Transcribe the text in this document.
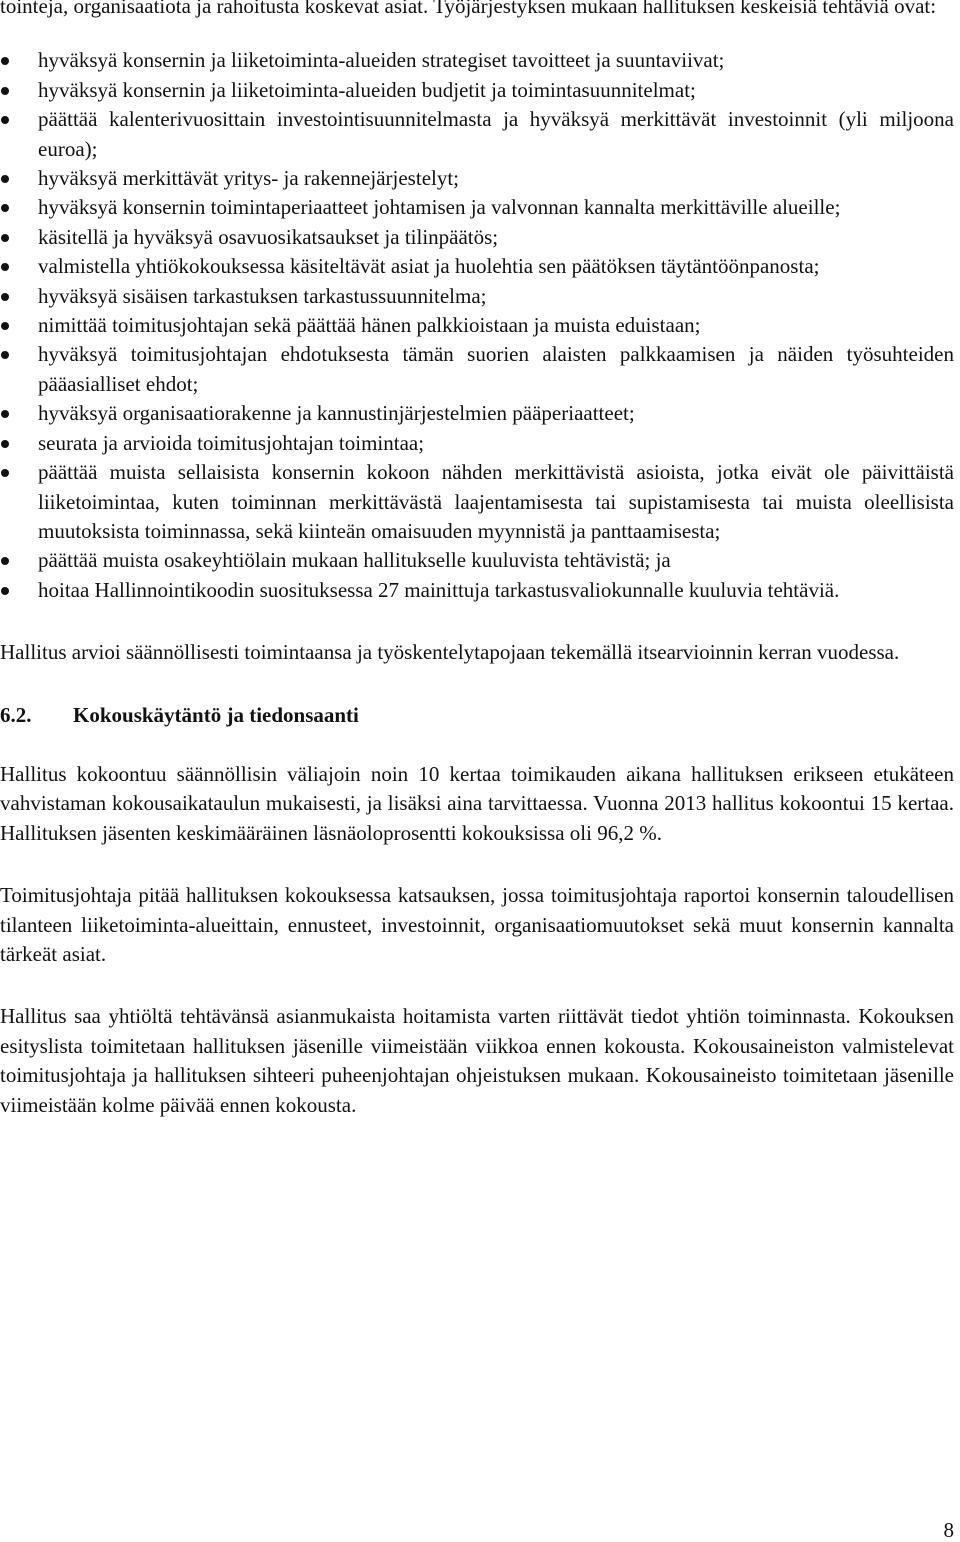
tointeja, organisaatiota ja rahoitusta koskevat asiat. Työjärjestyksen mukaan hallituksen keskeisiä tehtäviä ovat:

hyväksyä konsernin ja liiketoiminta-alueiden strategiset tavoitteet ja suuntaviivat;
hyväksyä konsernin ja liiketoiminta-alueiden budjetit ja toimintasuunnitelmat;
päättää kalenterivuosittain investointisuunnitelmasta ja hyväksyä merkittävät investoinnit (yli miljoona euroa);
hyväksyä merkittävät yritys- ja rakennejärjestelyt;
hyväksyä konsernin toimintaperiaatteet johtamisen ja valvonnan kannalta merkittäville alueille;
käsitellä ja hyväksyä osavuosikatsaukset ja tilinpäätös;
valmistella yhtiökokouksessa käsiteltävät asiat ja huolehtia sen päätöksen täytäntöönpanosta;
hyväksyä sisäisen tarkastuksen tarkastussuunnitelma;
nimittää toimitusjohtajan sekä päättää hänen palkkioistaan ja muista eduistaan;
hyväksyä toimitusjohtajan ehdotuksesta tämän suorien alaisten palkkaamisen ja näiden työsuhteiden pääasialliset ehdot;
hyväksyä organisaatiorakenne ja kannustinjärjestelmien pääperiaatteet;
seurata ja arvioida toimitusjohtajan toimintaa;
päättää muista sellaisista konsernin kokoon nähden merkittävistä asioista, jotka eivät ole päivittäistä liiketoimintaa, kuten toiminnan merkittävästä laajentamisesta tai supistamisesta tai muista oleellisista muutoksista toiminnassa, sekä kiinteän omaisuuden myynnistä ja panttaamisesta;
päättää muista osakeyhtiölain mukaan hallitukselle kuuluvista tehtävistä; ja
hoitaa Hallinnointikoodin suosituksessa 27 mainittuja tarkastusvaliokunnalle kuuluvia tehtäviä.

Hallitus arvioi säännöllisesti toimintaansa ja työskentelytapojaan tekemällä itsearvioinnin kerran vuodessa.

6.2. Kokouskäytäntö ja tiedonsaanti

Hallitus kokoontuu säännöllisin väliajoin noin 10 kertaa toimikauden aikana hallituksen erikseen etukäteen vahvistaman kokousaikataulun mukaisesti, ja lisäksi aina tarvittaessa. Vuonna 2013 hallitus kokoontui 15 kertaa. Hallituksen jäsenten keskimääräinen läsnäoloprosentti kokouksissa oli 96,2 %.

Toimitusjohtaja pitää hallituksen kokouksessa katsauksen, jossa toimitusjohtaja raportoi konsernin taloudellisen tilanteen liiketoiminta-alueittain, ennusteet, investoinnit, organisaatiomuutokset sekä muut konsernin kannalta tärkeät asiat.

Hallitus saa yhtiöltä tehtävänsä asianmukaista hoitamista varten riittävät tiedot yhtiön toiminnasta. Kokouksen esityslista toimitetaan hallituksen jäsenille viimeistään viikkoa ennen kokousta. Kokousaineiston valmistelevat toimitusjohtaja ja hallituksen sihteeri puheenjohtajan ohjeistuksen mukaan. Kokousaineisto toimitetaan jäsenille viimeistään kolme päivää ennen kokousta.

8
